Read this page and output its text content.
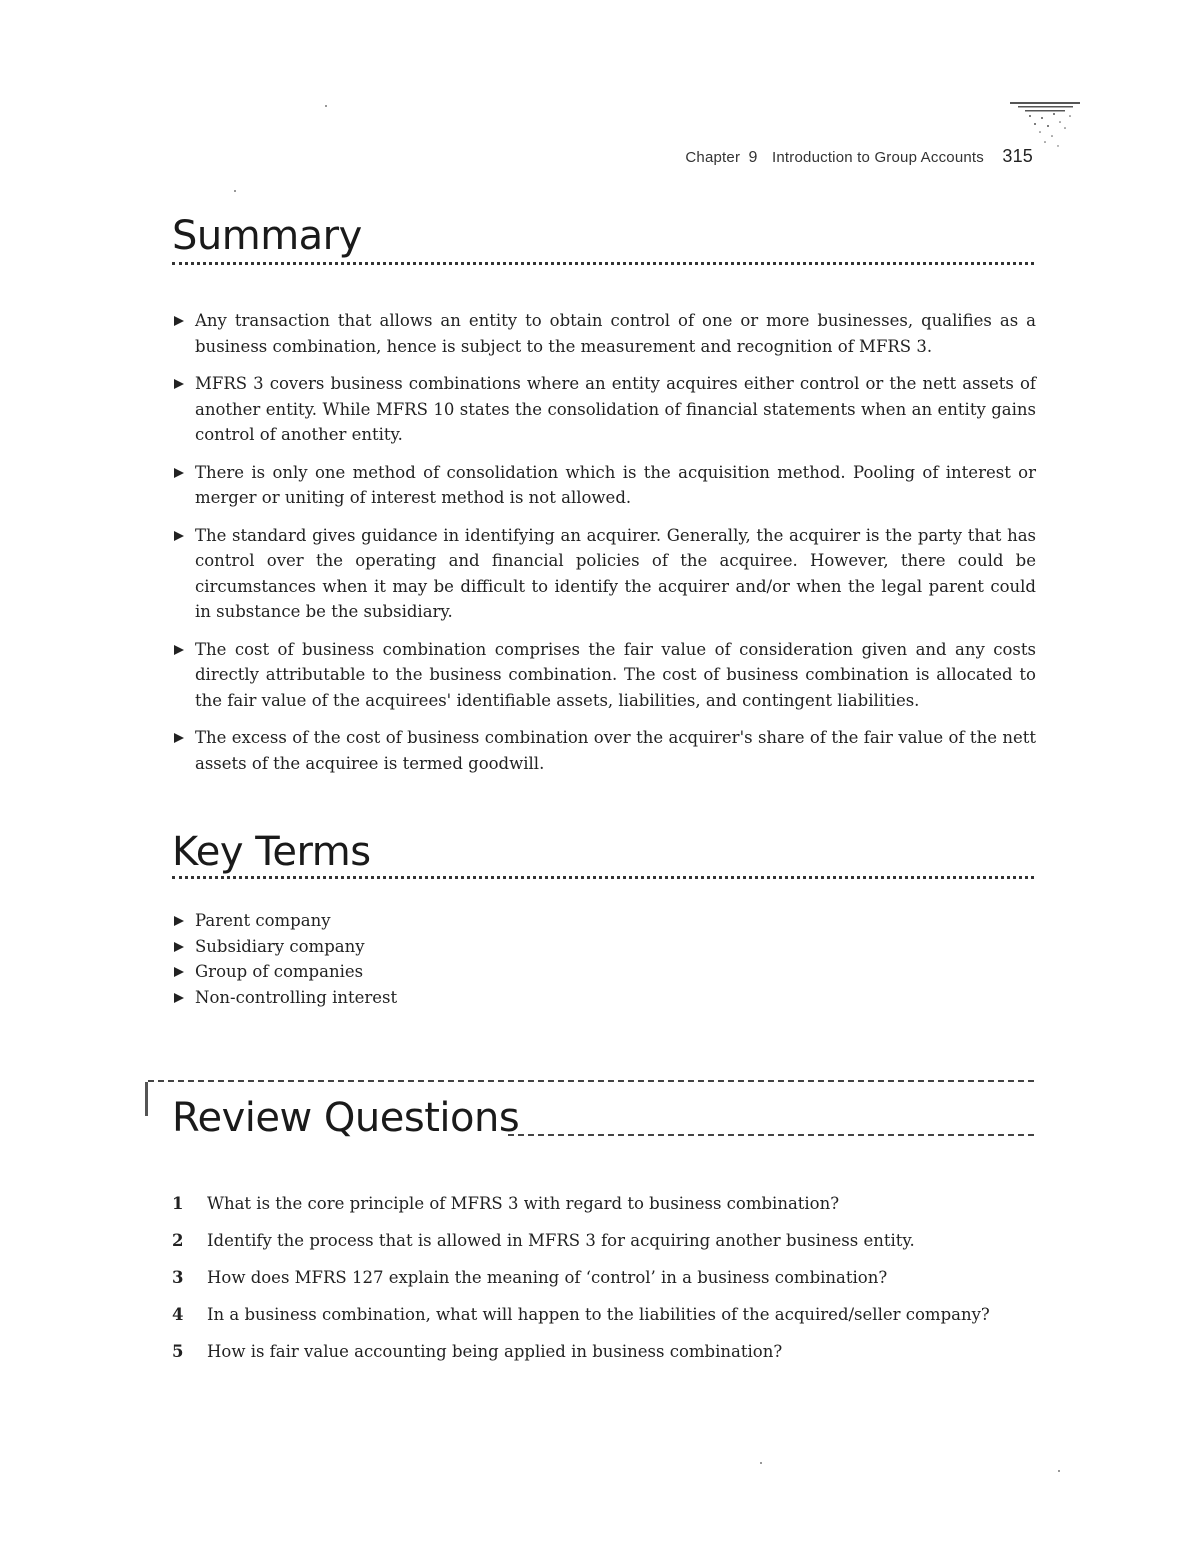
Chapter 9 Introduction to Group Accounts 315
Summary
Any transaction that allows an entity to obtain control of one or more businesses, qualifies as a business combination, hence is subject to the measurement and recognition of MFRS 3.
MFRS 3 covers business combinations where an entity acquires either control or the nett assets of another entity. While MFRS 10 states the consolidation of financial statements when an entity gains control of another entity.
There is only one method of consolidation which is the acquisition method. Pooling of interest or merger or uniting of interest method is not allowed.
The standard gives guidance in identifying an acquirer. Generally, the acquirer is the party that has control over the operating and financial policies of the acquiree. However, there could be circumstances when it may be difficult to identify the acquirer and/or when the legal parent could in substance be the subsidiary.
The cost of business combination comprises the fair value of consideration given and any costs directly attributable to the business combination. The cost of business combination is allocated to the fair value of the acquirees' identifiable assets, liabilities, and contingent liabilities.
The excess of the cost of business combination over the acquirer's share of the fair value of the nett assets of the acquiree is termed goodwill.
Key Terms
Parent company
Subsidiary company
Group of companies
Non-controlling interest
Review Questions
1	What is the core principle of MFRS 3 with regard to business combination?
2	Identify the process that is allowed in MFRS 3 for acquiring another business entity.
3	How does MFRS 127 explain the meaning of ‘control’ in a business combination?
4	In a business combination, what will happen to the liabilities of the acquired/seller company?
5	How is fair value accounting being applied in business combination?
